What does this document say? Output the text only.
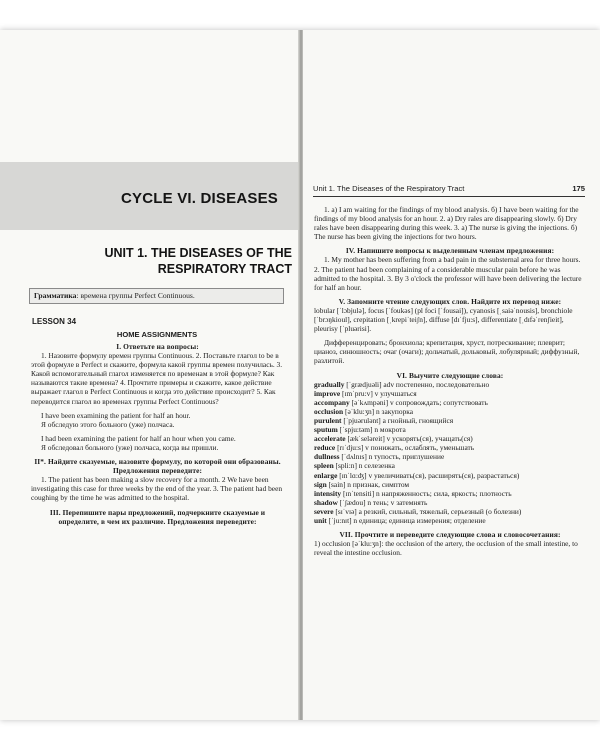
CYCLE VI. DISEASES
UNIT 1. THE DISEASES OF THE RESPIRATORY TRACT
Грамматика: времена группы Perfect Continuous.
LESSON 34
HOME ASSIGNMENTS

I. Ответьте на вопросы:

1. Назовите формулу времен группы Continuous. 2. Поставьте глагол to be в этой формуле в Perfect и скажите, формула какой группы времен получилась. 3. Какой вспомогательный глагол изменяется по временам в этой формуле? Как называются такие времена? 4. Прочтите примеры и скажите, какое действие выражает глагол в Perfect Continuous и когда это действие происходит? 5. Как переводится глагол во временах группы Perfect Continuous?

I have been examining the patient for half an hour.

Я обследую этого больного (уже) полчаса.

I had been examining the patient for half an hour when you came.

Я обследовал больного (уже) полчаса, когда вы пришли.

II*. Найдите сказуемые, назовите формулу, по которой они образованы. Предложения переведите:

1. The patient has been making a slow recovery for a month. 2 We have been investigating this case for three weeks by the end of the year. 3. The patient had been coughing by the time he was admitted to the hospital.

III. Перепишите пары предложений, подчеркните сказуемые и определите, в чем их различие. Предложения переведите:

Unit 1. The Diseases of the Respiratory Tract	175

1. a) I am waiting for the findings of my blood analysis. б) I have been waiting for the findings of my blood analysis for an hour. 2. a) Dry rales are disappearing slowly. б) Dry rales have been disappearing during this week. 3. a) The nurse is giving the injections. б) The nurse has been giving the injections for two hours.

IV. Напишите вопросы к выделенным членам предложения:

1. My mother has been suffering from a bad pain in the substernal area for three hours. 2. The patient had been complaining of a considerable muscular pain before he was admitted to the hospital. 3. By 3 o'clock the professor will have been delivering the lecture for half an hour.

V. Запомните чтение следующих слов. Найдите их перевод ниже:

lobular [ˈlɔbjulə], focus [ˈfoukəs] (pl foci [ˈfousai]), cyanosis [ˌsaiəˈnousis], bronchiole [ˈbrɔŋkioul], crepitation [ˌkrepiˈteiʃn], diffuse [dɪˈfju:s], differentiate [ˌdɪfəˈrenʃieit], pleurisy [ˈpluərisi].

Дифференцировать; бронхиола; крепитация, хруст, потрескивание; плеврит; цианоз, синюшность; очаг (очаги); дольчатый, дольковый, лобулярный; диффузный, разлитой.

VI. Выучите следующие слова:

gradually [ˈgrædjuəli] adv постепенно, последовательно

improve [ɪmˈpru:v] v улучшаться

accompany [əˈkʌmpəni] v сопровождать; сопутствовать

occlusion [əˈklu:ʒn] n закупорка

purulent [ˈpjuərulənt] a гнойный, гноящийся

sputum [ˈspju:təm] n мокрота

accelerate [ækˈseləreit] v ускорять(ся), учащать(ся)

reduce [rɪˈdju:s] v понижать, ослаблять, уменьшать

dullness [ˈdʌlnɪs] n тупость, приглушение

spleen [spli:n] n селезенка

enlarge [ɪnˈlɑ:ʤ] v увеличивать(ся), расширять(ся), разрастаться)

sign [sain] n признак, симптом

intensity [ɪnˈtensiti] n напряженность; сила, яркость; плотность

shadow [ˈʃædou] n тень; v затемнять

severe [sɪˈvɪə] a резкий, сильный, тяжелый, серьезный (о болезни)

unit [ˈju:nɪt] n единица; единица измерения; отделение

VII. Прочтите и переведите следующие слова и словосочетания:

1) occlusion [əˈklu:ʒn]: the occlusion of the artery, the occlusion of the small intestine, to reveal the intestine occlusion.
